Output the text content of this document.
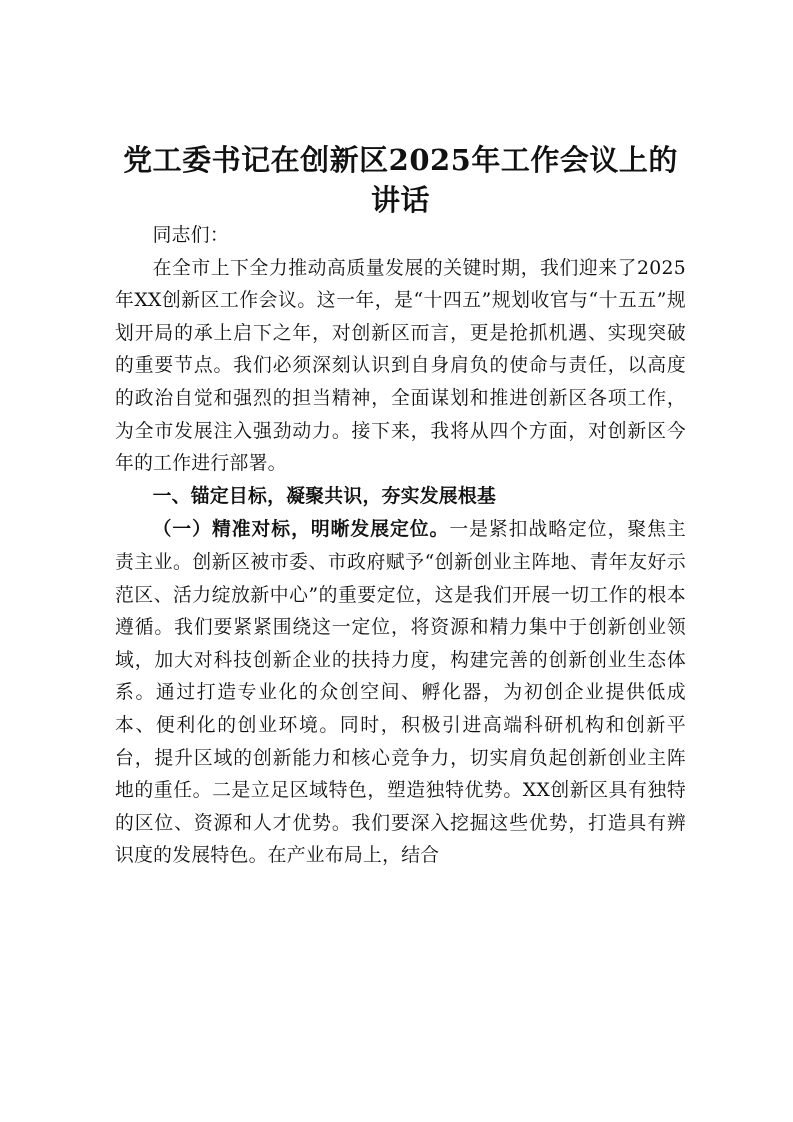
党工委书记在创新区2025年工作会议上的讲话

同志们：

在全市上下全力推动高质量发展的关键时期，我们迎来了2025年XX创新区工作会议。这一年，是“十四五”规划收官与“十五五”规划开局的承上启下之年，对创新区而言，更是抢抓机遇、实现突破的重要节点。我们必须深刻认识到自身肩负的使命与责任，以高度的政治自觉和强烈的担当精神，全面谋划和推进创新区各项工作，为全市发展注入强劲动力。接下来，我将从四个方面，对创新区今年的工作进行部署。

一、锚定目标，凝聚共识，夯实发展根基

（一）精准对标，明晰发展定位。一是紧扣战略定位，聚焦主责主业。创新区被市委、市政府赋予“创新创业主阵地、青年友好示范区、活力绽放新中心”的重要定位，这是我们开展一切工作的根本遵循。我们要紧紧围绕这一定位，将资源和精力集中于创新创业领域，加大对科技创新企业的扶持力度，构建完善的创新创业生态体系。通过打造专业化的众创空间、孵化器，为初创企业提供低成本、便利化的创业环境。同时，积极引进高端科研机构和创新平台，提升区域的创新能力和核心竞争力，切实肩负起创新创业主阵地的重任。二是立足区域特色，塑造独特优势。XX创新区具有独特的区位、资源和人才优势。我们要深入挖掘这些优势，打造具有辨识度的发展特色。在产业布局上，结合
